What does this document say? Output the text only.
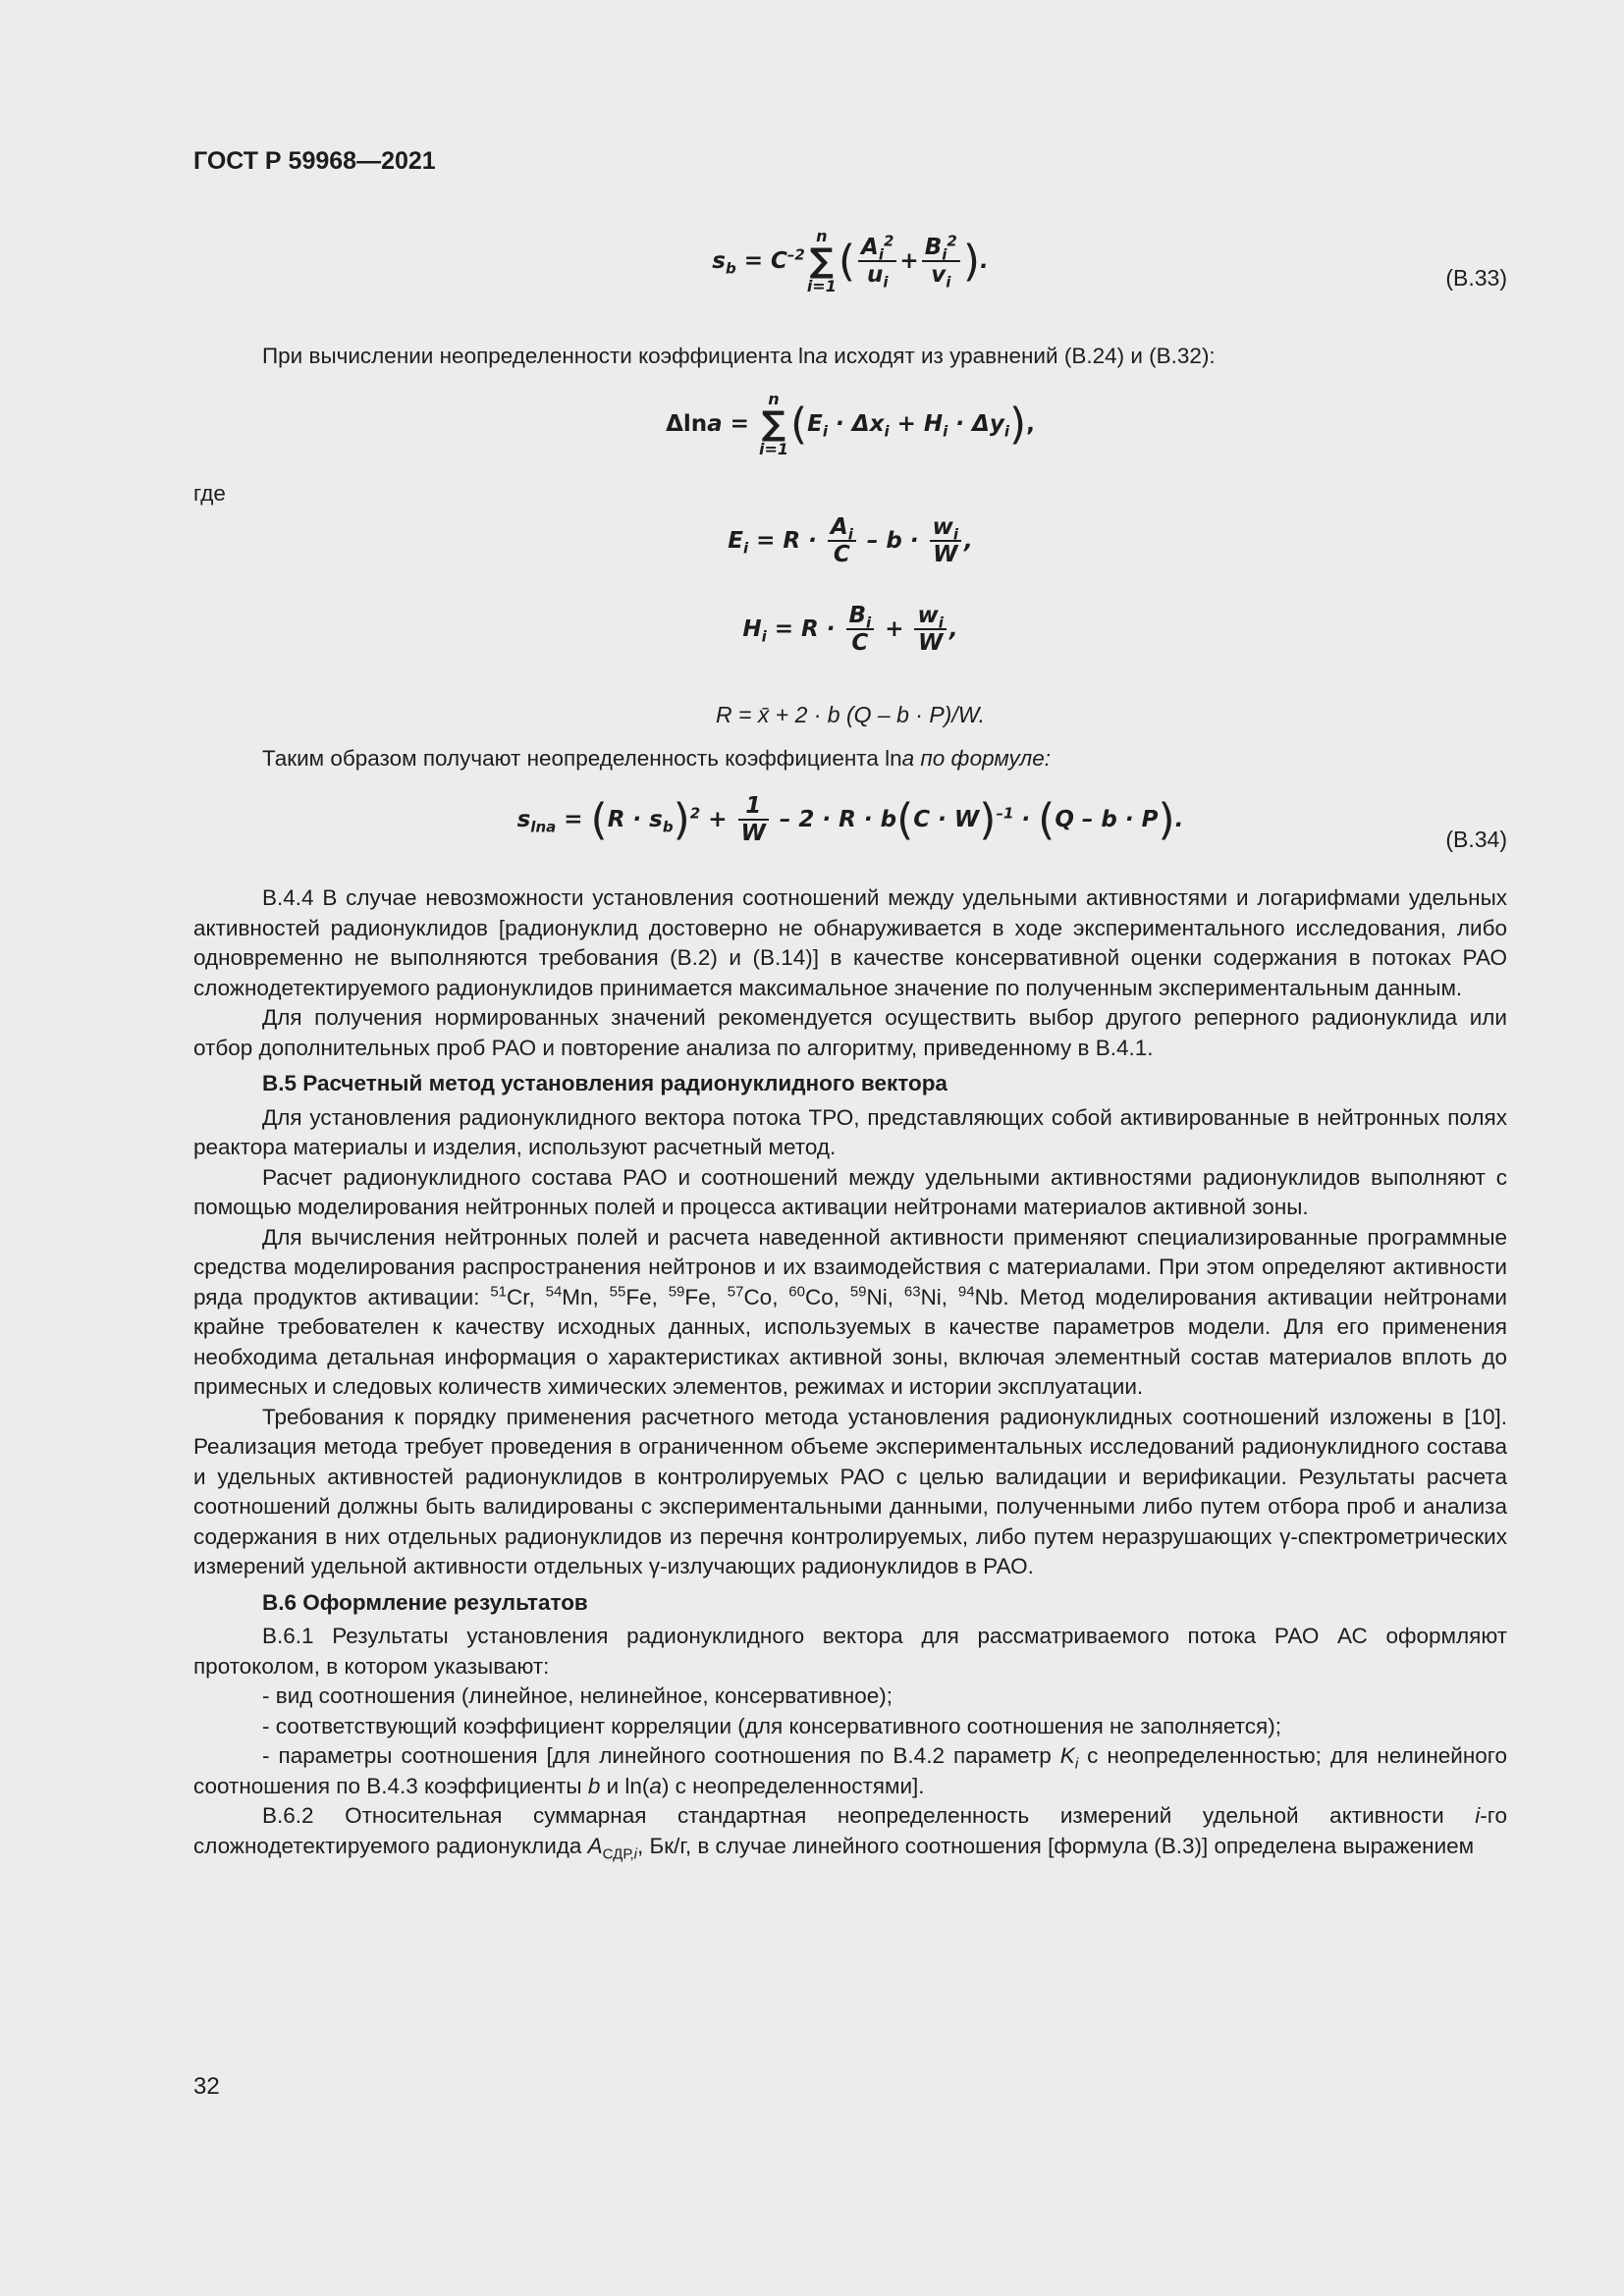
ГОСТ Р 59968—2021
$s_b = C^{-2}n$
∑
$i=1( \frac{A_i^2}{u_i} + \frac{B_i^2}{v_i}$ ).
(В.33)

При вычислении неопределенности коэффициента lna исходят из уравнений (В.24) и (В.32):

Δlna = n
∑
$i=1(E_i \cdot \Delta x_i + H_i \cdot \Delta y_i)$,

где

$E_i = R \cdot \frac{A_i}{C} - b \cdot \frac{w_i}{W}$ ,
$H_i = R \cdot \frac{B_i}{C} + \frac{w_i}{W}$ ,
R = x̄ + 2 · b (Q – b · P)/W.

Таким образом получают неопределенность коэффициента lna по формуле:

$s_{lna} = (R \cdot s_b)^2 + \frac{1}{W} - 2 \cdot R \cdot b(C \cdot W)^{-1} \cdot (Q - b \cdot P)$.
(В.34)

В.4.4 В случае невозможности установления соотношений между удельными активностями и логарифмами удельных активностей радионуклидов [радионуклид достоверно не обнаруживается в ходе экспериментального исследования, либо одновременно не выполняются требования (В.2) и (В.14)] в качестве консервативной оценки содержания в потоках РАО сложнодетектируемого радионуклидов принимается максимальное значение по полученным экспериментальным данным.

Для получения нормированных значений рекомендуется осуществить выбор другого реперного радионуклида или отбор дополнительных проб РАО и повторение анализа по алгоритму, приведенному в В.4.1.

В.5 Расчетный метод установления радионуклидного вектора

Для установления радионуклидного вектора потока ТРО, представляющих собой активированные в нейтронных полях реактора материалы и изделия, используют расчетный метод.

Расчет радионуклидного состава РАО и соотношений между удельными активностями радионуклидов выполняют с помощью моделирования нейтронных полей и процесса активации нейтронами материалов активной зоны.

Для вычисления нейтронных полей и расчета наведенной активности применяют специализированные программные средства моделирования распространения нейтронов и их взаимодействия с материалами. При этом определяют активности ряда продуктов активации: $^{51}$Cr, $^{54}$Mn, $^{55}$Fe, $^{59}$Fe, $^{57}$Co, $^{60}$Co, $^{59}$Ni, $^{63}$Ni, $^{94}$Nb. Метод моделирования активации нейтронами крайне требователен к качеству исходных данных, используемых в качестве параметров модели. Для его применения необходима детальная информация о характеристиках активной зоны, включая элементный состав материалов вплоть до примесных и следовых количеств химических элементов, режимах и истории эксплуатации.

Требования к порядку применения расчетного метода установления радионуклидных соотношений изложены в [10]. Реализация метода требует проведения в ограниченном объеме экспериментальных исследований радионуклидного состава и удельных активностей радионуклидов в контролируемых РАО с целью валидации и верификации. Результаты расчета соотношений должны быть валидированы с экспериментальными данными, полученными либо путем отбора проб и анализа содержания в них отдельных радионуклидов из перечня контролируемых, либо путем неразрушающих γ-спектрометрических измерений удельной активности отдельных γ-излучающих радионуклидов в РАО.

В.6 Оформление результатов

В.6.1 Результаты установления радионуклидного вектора для рассматриваемого потока РАО АС оформляют протоколом, в котором указывают:

- вид соотношения (линейное, нелинейное, консервативное);

- соответствующий коэффициент корреляции (для консервативного соотношения не заполняется);

- параметры соотношения [для линейного соотношения по В.4.2 параметр $K_i$ с неопределенностью; для нелинейного соотношения по В.4.3 коэффициенты b и ln(a) с неопределенностями].

В.6.2 Относительная суммарная стандартная неопределенность измерений удельной активности i-го сложнодетектируемого радионуклида $A_{СДР,i}$, Бк/г, в случае линейного соотношения [формула (В.3)] определена выражением

32
